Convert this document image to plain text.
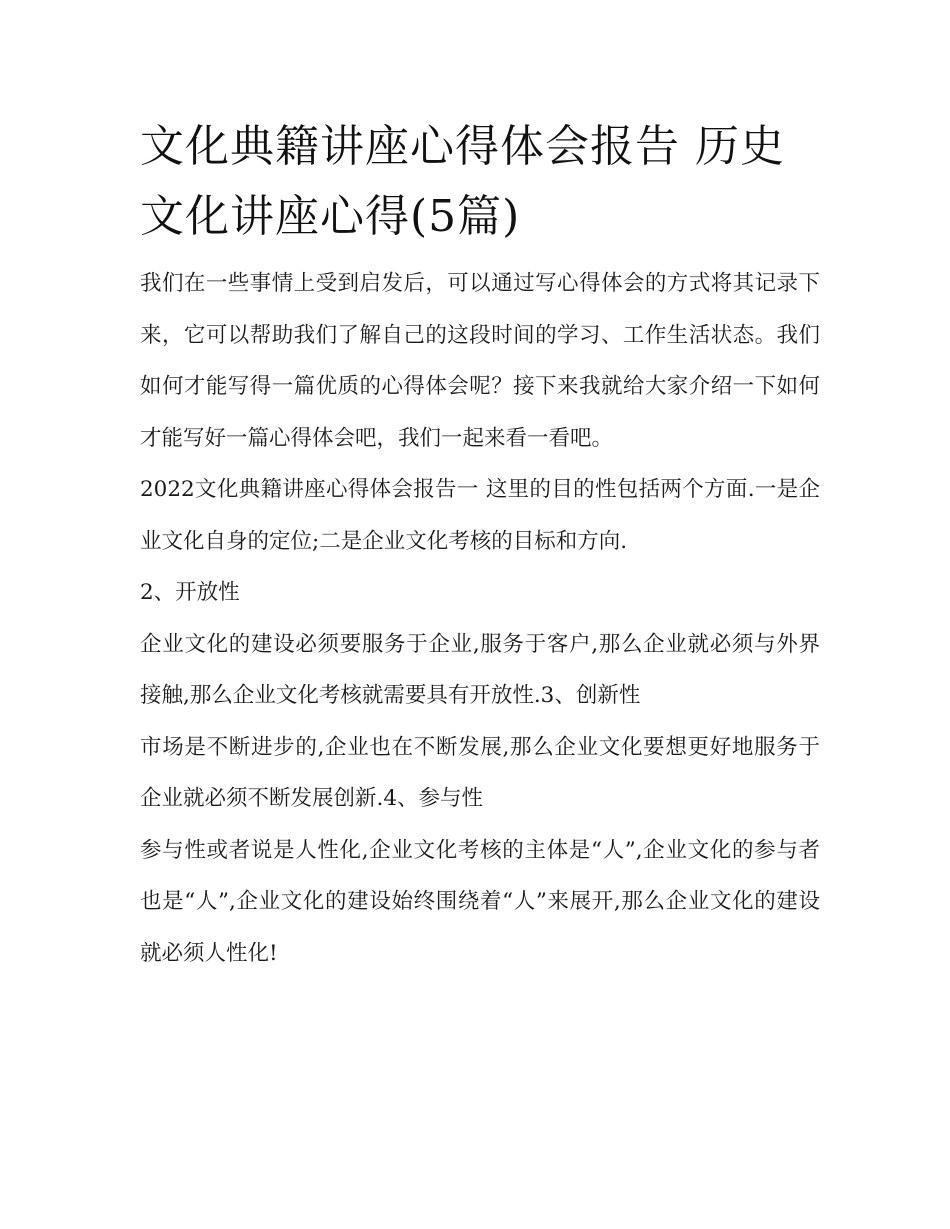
文化典籍讲座心得体会报告 历史文化讲座心得(5篇)

我们在一些事情上受到启发后，可以通过写心得体会的方式将其记录下来，它可以帮助我们了解自己的这段时间的学习、工作生活状态。我们如何才能写得一篇优质的心得体会呢？接下来我就给大家介绍一下如何才能写好一篇心得体会吧，我们一起来看一看吧。

2022文化典籍讲座心得体会报告一 这里的目的性包括两个方面.一是企业文化自身的定位;二是企业文化考核的目标和方向.

2、开放性

企业文化的建设必须要服务于企业,服务于客户,那么企业就必须与外界接触,那么企业文化考核就需要具有开放性.3、创新性

市场是不断进步的,企业也在不断发展,那么企业文化要想更好地服务于企业就必须不断发展创新.4、参与性

参与性或者说是人性化,企业文化考核的主体是“人”,企业文化的参与者也是“人”,企业文化的建设始终围绕着“人”来展开,那么企业文化的建设就必须人性化!
